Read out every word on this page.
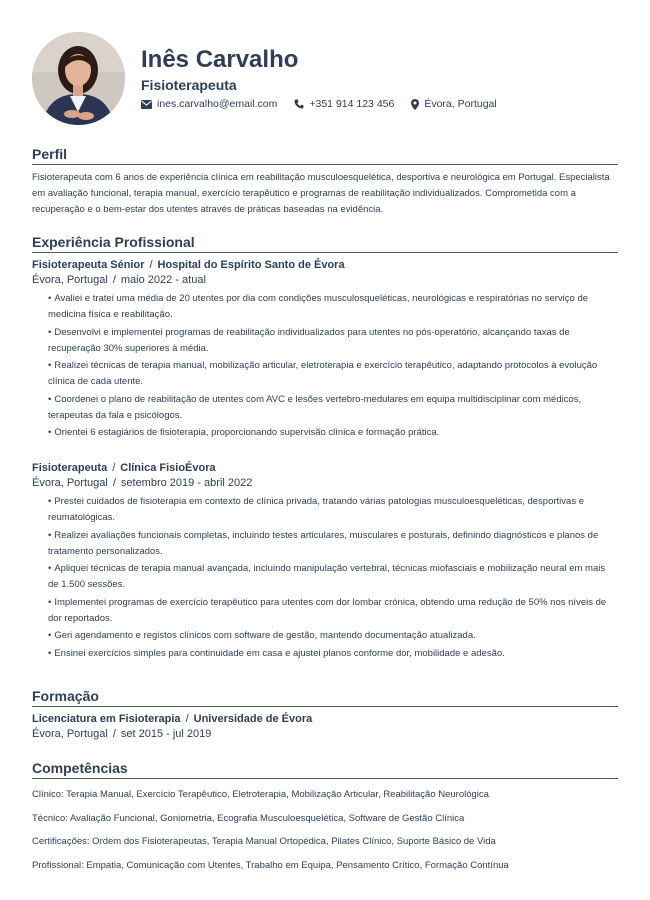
Inês Carvalho
Fisioterapeuta
ines.carvalho@email.com	+351 914 123 456	Évora, Portugal
Perfil
Fisioterapeuta com 6 anos de experiência clínica em reabilitação musculoesquelética, desportiva e neurológica em Portugal. Especialista em avaliação funcional, terapia manual, exercício terapêutico e programas de reabilitação individualizados. Comprometida com a recuperação e o bem-estar dos utentes através de práticas baseadas na evidência.
Experiência Profissional
Fisioterapeuta Sénior / Hospital do Espírito Santo de Évora
Évora, Portugal / maio 2022 - atual
• Avaliei e tratei uma média de 20 utentes por dia com condições musculosqueléticas, neurológicas e respiratórias no serviço de medicina física e reabilitação.
• Desenvolvi e implementei programas de reabilitação individualizados para utentes no pós-operatório, alcançando taxas de recuperação 30% superiores à média.
• Realizei técnicas de terapia manual, mobilização articular, eletroterapia e exercício terapêutico, adaptando protocolos à evolução clínica de cada utente.
• Coordenei o plano de reabilitação de utentes com AVC e lesões vertebro-medulares em equipa multidisciplinar com médicos, terapeutas da fala e psicólogos.
• Orientei 6 estagiários de fisioterapia, proporcionando supervisão clínica e formação prática.
Fisioterapeuta / Clínica FisioÉvora
Évora, Portugal / setembro 2019 - abril 2022
• Prestei cuidados de fisioterapia em contexto de clínica privada, tratando várias patologias musculoesqueléticas, desportivas e reumatológicas.
• Realizei avaliações funcionais completas, incluindo testes articulares, musculares e posturais, definindo diagnósticos e planos de tratamento personalizados.
• Apliquei técnicas de terapia manual avançada, incluindo manipulação vertebral, técnicas miofasciais e mobilização neural em mais de 1.500 sessões.
• Implementei programas de exercício terapêutico para utentes com dor lombar crónica, obtendo uma redução de 50% nos níveis de dor reportados.
• Geri agendamento e registos clínicos com software de gestão, mantendo documentação atualizada.
• Ensinei exercícios simples para continuidade em casa e ajustei planos conforme dor, mobilidade e adesão.
Formação
Licenciatura em Fisioterapia / Universidade de Évora
Évora, Portugal / set 2015 - jul 2019
Competências
Clínico: Terapia Manual, Exercício Terapêutico, Eletroterapia, Mobilização Articular, Reabilitação Neurológica
Técnico: Avaliação Funcional, Goniometria, Ecografia Musculoesquelética, Software de Gestão Clínica
Certificações: Ordem dos Fisioterapeutas, Terapia Manual Ortopédica, Pilates Clínico, Suporte Básico de Vida
Profissional: Empatia, Comunicação com Utentes, Trabalho em Equipa, Pensamento Crítico, Formação Contínua
